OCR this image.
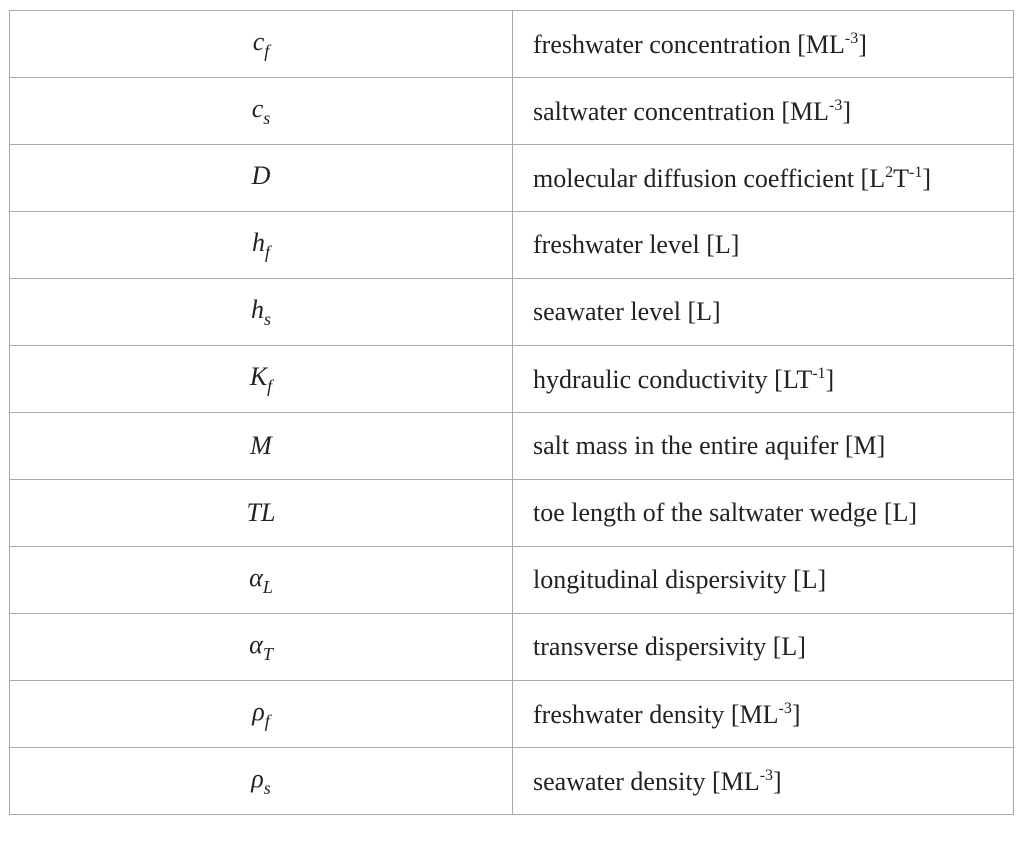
$c_f$	freshwater concentration $[ML^{-3}]$
$c_s$	saltwater concentration $[ML^{-3}]$
D	molecular diffusion coefficient $[L^2T^{-1}]$
$h_f$	freshwater level [L]
$h_s$	seawater level [L]
$K_f$	hydraulic conductivity $[LT^{-1}]$
M	salt mass in the entire aquifer [M]
TL	toe length of the saltwater wedge [L]
$\alpha_L$	longitudinal dispersivity [L]
$\alpha_T$	transverse dispersivity [L]
$\rho_f$	freshwater density $[ML^{-3}]$
$\rho_s$	seawater density $[ML^{-3}]$
